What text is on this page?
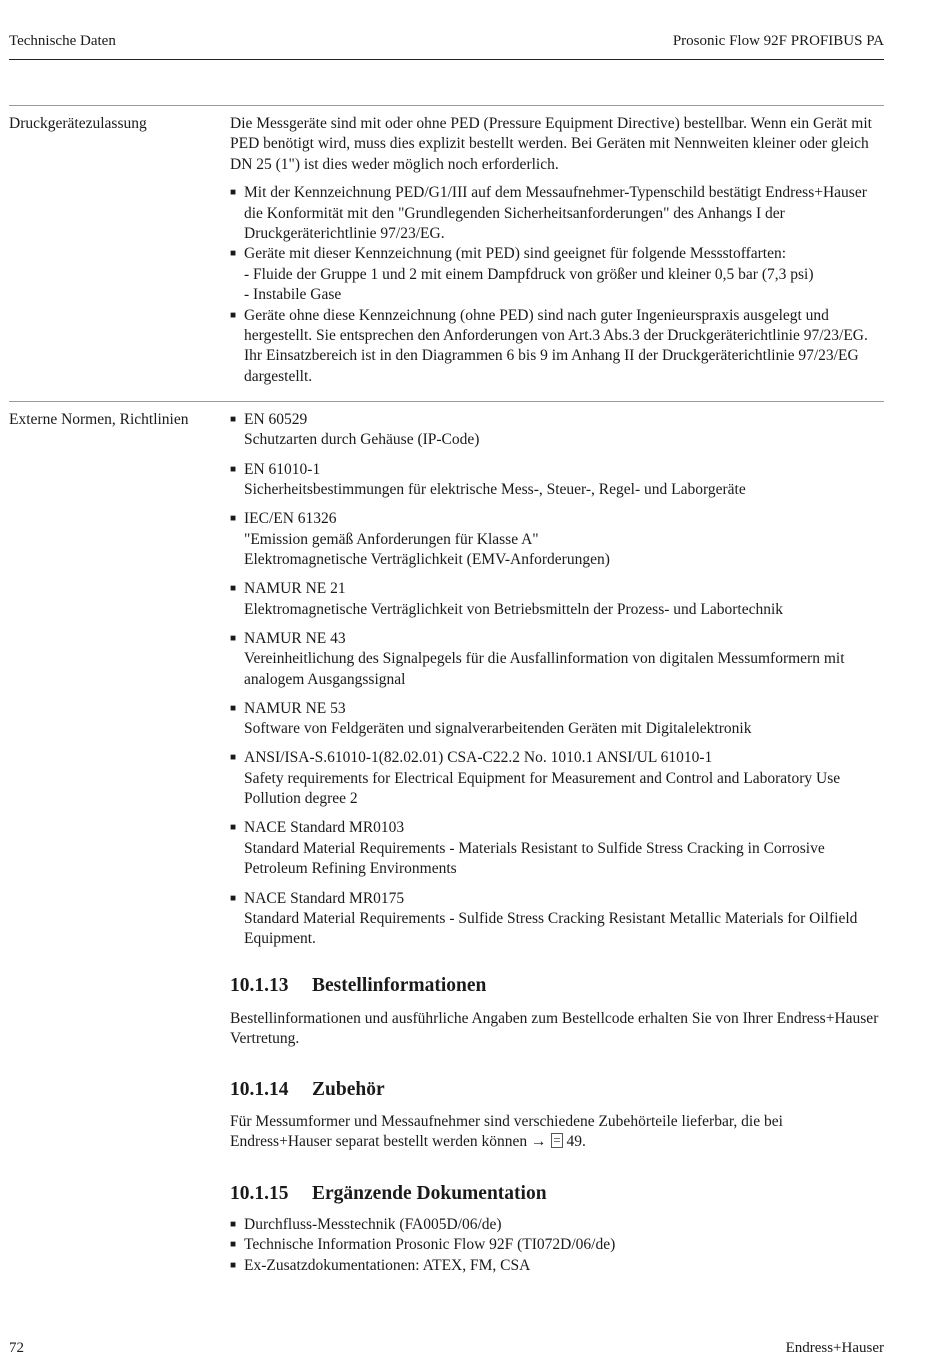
Technische Daten	Prosonic Flow 92F PROFIBUS PA
Druckgerätezulassung	Die Messgeräte sind mit oder ohne PED (Pressure Equipment Directive) bestellbar. Wenn ein Gerät mit PED benötigt wird, muss dies explizit bestellt werden. Bei Geräten mit Nennweiten kleiner oder gleich DN 25 (1") ist dies weder möglich noch erforderlich.

■ Mit der Kennzeichnung PED/G1/III auf dem Messaufnehmer-Typenschild bestätigt Endress+Hauser die Konformität mit den "Grundlegenden Sicherheitsanforderungen" des Anhangs I der Druckgeräterichtlinie 97/23/EG.
■ Geräte mit dieser Kennzeichnung (mit PED) sind geeignet für folgende Messstoffarten:
- Fluide der Gruppe 1 und 2 mit einem Dampfdruck von größer und kleiner 0,5 bar (7,3 psi)
- Instabile Gase
■ Geräte ohne diese Kennzeichnung (ohne PED) sind nach guter Ingenieurspraxis ausgelegt und hergestellt. Sie entsprechen den Anforderungen von Art.3 Abs.3 der Druckgeräterichtlinie 97/23/EG. Ihr Einsatzbereich ist in den Diagrammen 6 bis 9 im Anhang II der Druckgeräterichtlinie 97/23/EG dargestellt.
Externe Normen, Richtlinien
■	EN 60529
Schutzarten durch Gehäuse (IP-Code)
■ EN 61010-1
Sicherheitsbestimmungen für elektrische Mess-, Steuer-, Regel- und Laborgeräte
■ IEC/EN 61326
"Emission gemäß Anforderungen für Klasse A"
Elektromagnetische Verträglichkeit (EMV-Anforderungen)
■ NAMUR NE 21
Elektromagnetische Verträglichkeit von Betriebsmitteln der Prozess- und Labortechnik
■ NAMUR NE 43
Vereinheitlichung des Signalpegels für die Ausfallinformation von digitalen Messumformern mit analogem Ausgangssignal
■ NAMUR NE 53
Software von Feldgeräten und signalverarbeitenden Geräten mit Digitalelektronik
■ ANSI/ISA-S.61010-1(82.02.01) CSA-C22.2 No. 1010.1 ANSI/UL 61010-1
Safety requirements for Electrical Equipment for Measurement and Control and Laboratory Use
Pollution degree 2
■ NACE Standard MR0103
Standard Material Requirements - Materials Resistant to Sulfide Stress Cracking in Corrosive Petroleum Refining Environments
■ NACE Standard MR0175
Standard Material Requirements - Sulfide Stress Cracking Resistant Metallic Materials for Oilfield Equipment.
10.1.13 Bestellinformationen
Bestellinformationen und ausführliche Angaben zum Bestellcode erhalten Sie von Ihrer Endress+Hauser Vertretung.
10.1.14 Zubehör
Für Messumformer und Messaufnehmer sind verschiedene Zubehörteile lieferbar, die bei Endress+Hauser separat bestellt werden können → 49.
10.1.15 Ergänzende Dokumentation
■ Durchfluss-Messtechnik (FA005D/06/de)
■ Technische Information Prosonic Flow 92F (TI072D/06/de)
■ Ex-Zusatzdokumentationen: ATEX, FM, CSA
72	Endress+Hauser
